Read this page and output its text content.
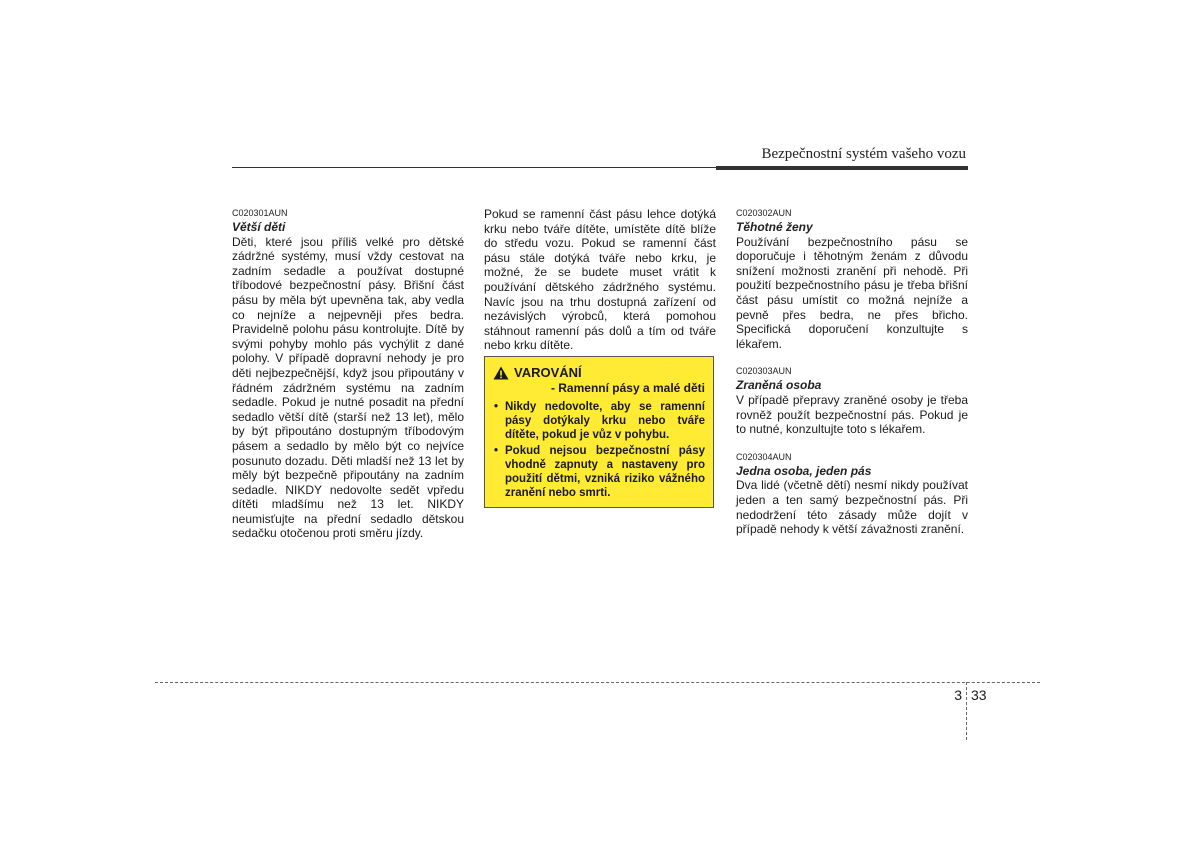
Bezpečnostní systém vašeho vozu

C020301AUN

Větší děti

Děti, které jsou příliš velké pro dětské zádržné systémy, musí vždy cestovat na zadním sedadle a používat dostupné tříbodové bezpečnostní pásy. Břišní část pásu by měla být upevněna tak, aby vedla co nejníže a nejpevněji přes bedra. Pravidelně polohu pásu kontrolujte. Dítě by svými pohyby mohlo pás vychýlit z dané polohy. V případě dopravní nehody je pro děti nejbezpečnější, když jsou připoutány v řádném zádržném systému na zadním sedadle. Pokud je nutné posadit na přední sedadlo větší dítě (starší než 13 let), mělo by být připoutáno dostupným tříbodovým pásem a sedadlo by mělo být co nejvíce posunuto dozadu. Děti mladší než 13 let by měly být bezpečně připoutány na zadním sedadle. NIKDY nedovolte sedět vpředu dítěti mladšímu než 13 let. NIKDY neumisťujte na přední sedadlo dětskou sedačku otočenou proti směru jízdy.

Pokud se ramenní část pásu lehce dotýká krku nebo tváře dítěte, umístěte dítě blíže do středu vozu. Pokud se ramenní část pásu stále dotýká tváře nebo krku, je možné, že se budete muset vrátit k používání dětského zádržného systému. Navíc jsou na trhu dostupná zařízení od nezávislých výrobců, která pomohou stáhnout ramenní pás dolů a tím od tváře nebo krku dítěte.

VAROVÁNÍ
- Ramenní pásy a malé děti
• Nikdy nedovolte, aby se ramenní pásy dotýkaly krku nebo tváře dítěte, pokud je vůz v pohybu.
• Pokud nejsou bezpečnostní pásy vhodně zapnuty a nastaveny pro použití dětmi, vzniká riziko vážného zranění nebo smrti.

C020302AUN

Těhotné ženy

Používání bezpečnostního pásu se doporučuje i těhotným ženám z důvodu snížení možnosti zranění při nehodě. Při použití bezpečnostního pásu je třeba břišní část pásu umístit co možná nejníže a pevně přes bedra, ne přes břicho. Specifická doporučení konzultujte s lékařem.

C020303AUN

Zraněná osoba

V případě přepravy zraněné osoby je třeba rovněž použít bezpečnostní pás. Pokud je to nutné, konzultujte toto s lékařem.

C020304AUN

Jedna osoba, jeden pás

Dva lidé (včetně dětí) nesmí nikdy používat jeden a ten samý bezpečnostní pás. Při nedodržení této zásady může dojít v případě nehody k větší závažnosti zranění.

3 33
